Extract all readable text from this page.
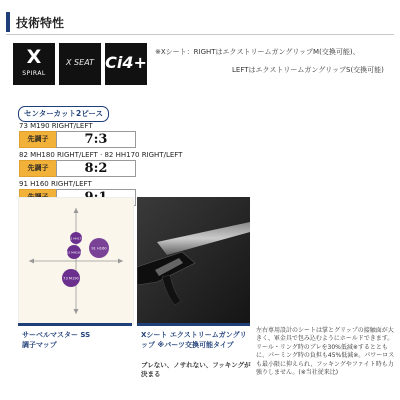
技術特性
X
SPIRAL
X SEAT Ci4+
※Xシート：RIGHTはエクストリームガングリップM(交換可能)、
LEFTはエクストリームガングリップS(交換可能)
センターカット2ピース
73 M190 RIGHT/LEFT
先調子	7:3
82 MH180 RIGHT/LEFT · 82 HH170 RIGHT/LEFT
先調子	8:2
91 H160 RIGHT/LEFT
91 H160
82 HH170
82 MH180
73 M190
サーベルマスター SS
調子マップ
Xシート エクストリームガングリップ ※パーツ交換可能タイプ
ブレない、ノサれない、フッキングが決まる
左右専用設計のシートは掌とグリップの接触面が大きく、軍金具で包み込むようにホールドできます。リール・リング時のブレを30%低減※するとともに、パーミング時の負担も45%低減※。パワーロスも最小限に抑えられ、フッキングやファイト時も力強りしません。(※当社従来比)
